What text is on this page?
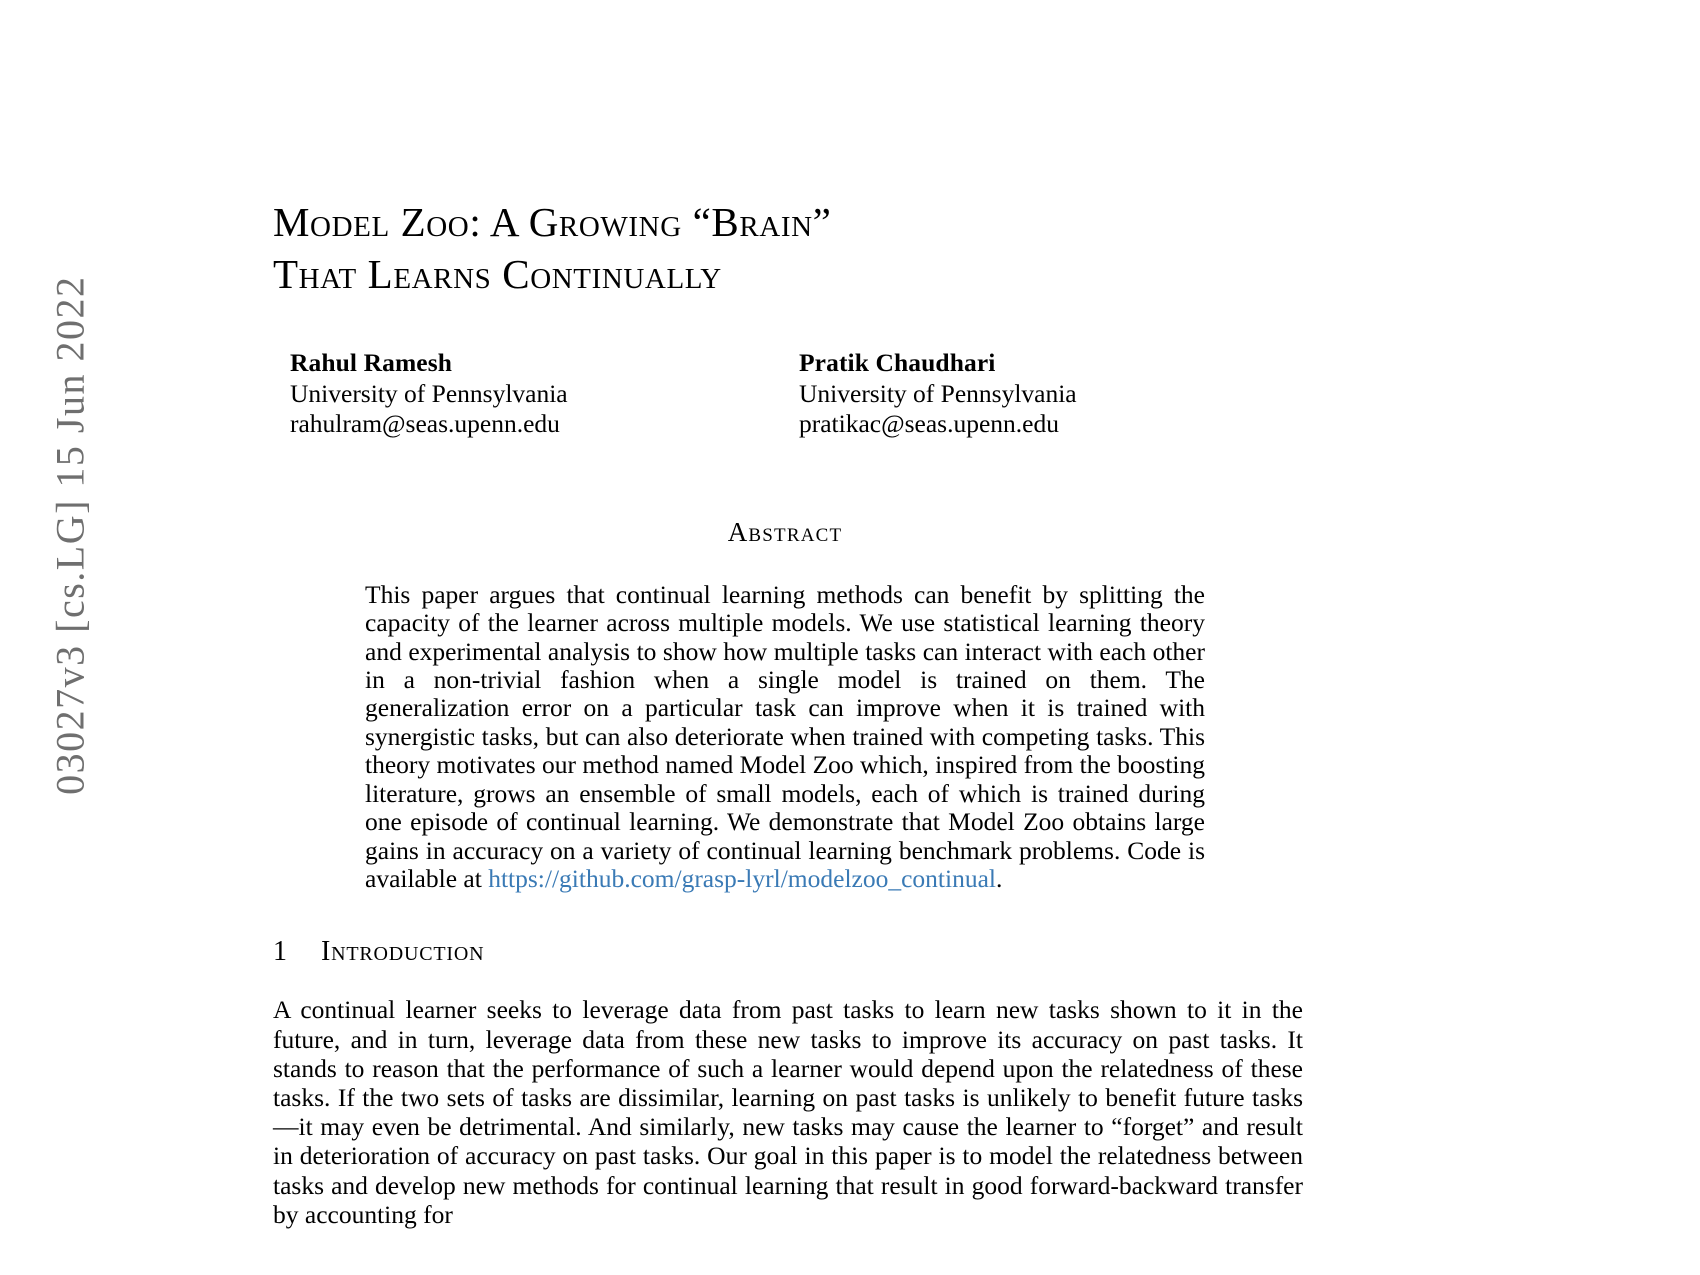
03027v3 [cs.LG] 15 Jun 2022
Model Zoo: A Growing “Brain”
That Learns Continually
Rahul Ramesh
University of Pennsylvania
rahulram@seas.upenn.edu
Pratik Chaudhari
University of Pennsylvania
pratikac@seas.upenn.edu
Abstract
This paper argues that continual learning methods can benefit by splitting the capacity of the learner across multiple models. We use statistical learning theory and experimental analysis to show how multiple tasks can interact with each other in a non-trivial fashion when a single model is trained on them. The generalization error on a particular task can improve when it is trained with synergistic tasks, but can also deteriorate when trained with competing tasks. This theory motivates our method named Model Zoo which, inspired from the boosting literature, grows an ensemble of small models, each of which is trained during one episode of continual learning. We demonstrate that Model Zoo obtains large gains in accuracy on a variety of continual learning benchmark problems. Code is available at https://github.com/grasp-lyrl/modelzoo_continual.
1 Introduction
A continual learner seeks to leverage data from past tasks to learn new tasks shown to it in the future, and in turn, leverage data from these new tasks to improve its accuracy on past tasks. It stands to reason that the performance of such a learner would depend upon the relatedness of these tasks. If the two sets of tasks are dissimilar, learning on past tasks is unlikely to benefit future tasks—it may even be detrimental. And similarly, new tasks may cause the learner to “forget” and result in deterioration of accuracy on past tasks. Our goal in this paper is to model the relatedness between tasks and develop new methods for continual learning that result in good forward-backward transfer by accounting for
